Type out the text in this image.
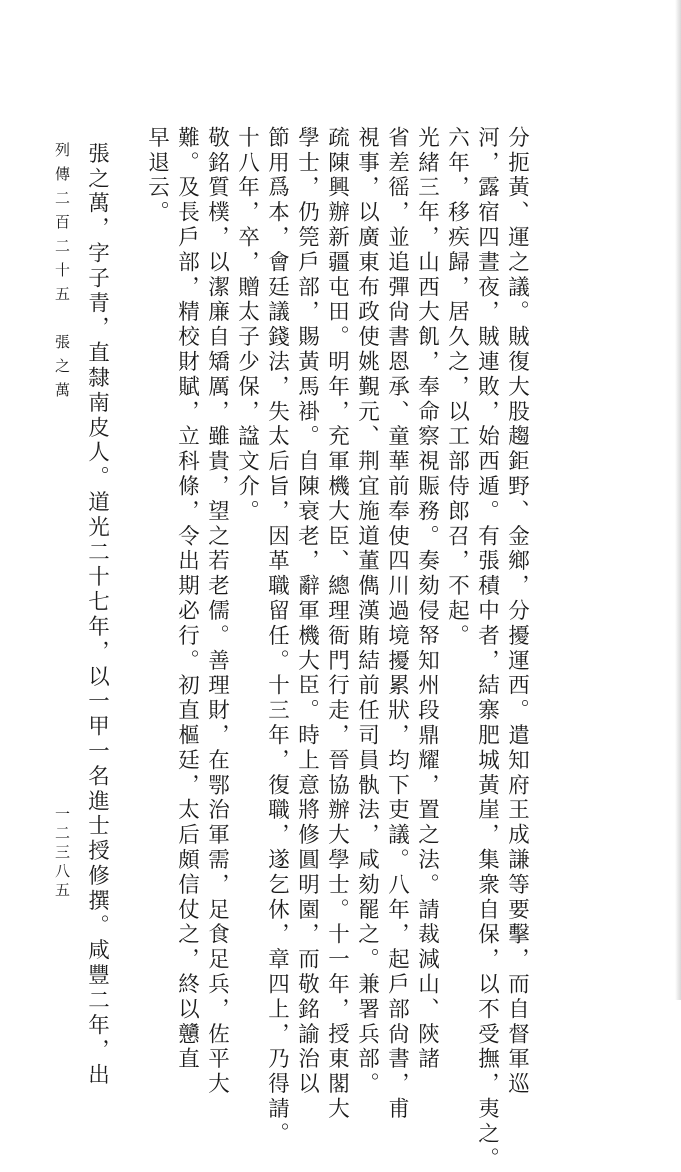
分扼黃、運之議。賊復大股趨鉅野、金鄉，分擾運西。遣知府王成謙等要擊，而自督軍巡
河，露宿四晝夜，賊連敗，始西遁。有張積中者，結寨肥城黃崖，集衆自保，以不受撫，夷之。
六年，移疾歸，居久之，以工部侍郎召，不起。
光緒三年，山西大飢，奉命察視賑務。奏劾侵帑知州段鼎耀，置之法。請裁減山、陝諸
省差徭，並追彈尙書恩承、童華前奉使四川過境擾累狀，均下吏議。八年，起戶部尙書，甫
視事，以廣東布政使姚覲元、荆宜施道董儁漢賄結前任司員骫法，咸劾罷之。兼署兵部。
疏陳興辦新疆屯田。明年，充軍機大臣、總理衙門行走，晉協辦大學士。十一年，授東閣大
學士，仍筦戶部，賜黃馬褂。自陳衰老，辭軍機大臣。時上意將修圓明園，而敬銘諭治以
節用爲本，會廷議錢法，失太后旨，因革職留任。十三年，復職，遂乞休，章四上，乃得請。
十八年，卒，贈太子少保，諡文介。
敬銘質樸，以潔廉自矯厲，雖貴，望之若老儒。善理財，在鄂治軍需，足食足兵，佐平大
難。及長戶部，精校財賦，立科條，令出期必行。初直樞廷，太后頗信仗之，終以戇直
早退云。
張之萬，字子青，直隸南皮人。道光二十七年，以一甲一名進士授修撰。咸豐二年，出
列傳二百二十五　張之萬
一二三八五
